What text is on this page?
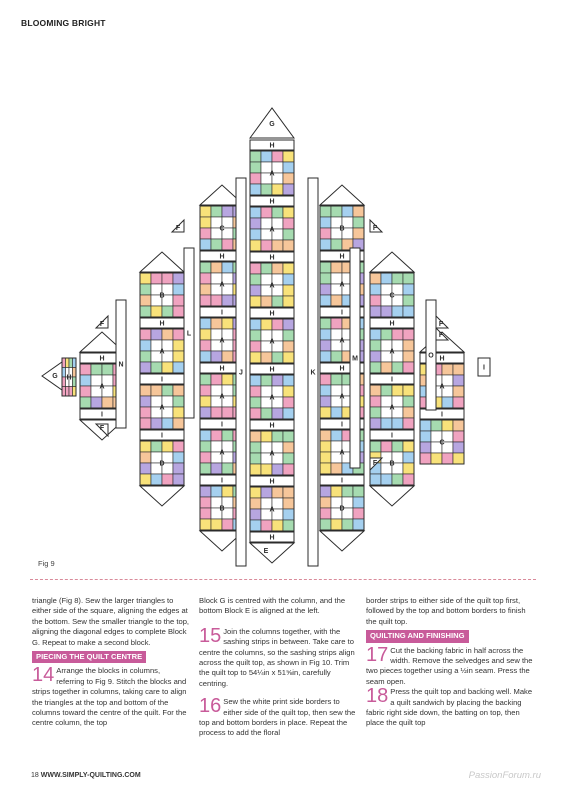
BLOOMING BRIGHT
G
H
A
H
A
H
A
H
A
H
A
H
A
H
A
H
E
C
H
A
I
A
H
A
I
A
I
B
B
H
A
I
A
H
A
I
A
I
D
B
H
A
I
A
I
D
C
H
A
I
A
I
B
H
A
I
H
A
I
C
F	F
F	F
F
F
F
G H
L
J	K
M
N
O
I
Fig 9

triangle (Fig 8). Sew the larger triangles to either side of the square, aligning the edges at the bottom. Sew the smaller triangle to the top, aligning the diagonal edges to complete Block G. Repeat to make a second block.

PIECING THE QUILT CENTRE

14 Arrange the blocks in columns, referring to Fig 9. Stitch the blocks and strips together in columns, taking care to align the triangles at the top and bottom of the columns toward the centre of the quilt. For the centre column, the top

Block G is centred with the column, and the bottom Block E is aligned at the left.

15 Join the columns together, with the sashing strips in between. Take care to centre the columns, so the sashing strips align across the quilt top, as shown in Fig 10. Trim the quilt top to 54¼in x 51⅝in, carefully centring.

16 Sew the white print side borders to either side of the quilt top, then sew the top and bottom borders in place. Repeat the process to add the floral

border strips to either side of the quilt top first, followed by the top and bottom borders to finish the quilt top.

QUILTING AND FINISHING

17 Cut the backing fabric in half across the width. Remove the selvedges and sew the two pieces together using a ½in seam. Press the seam open.

18 Press the quilt top and backing well. Make a quilt sandwich by placing the backing fabric right side down, the batting on top, then place the quilt top

18 WWW.SIMPLY-QUILTING.COM	PassionForum.ru
